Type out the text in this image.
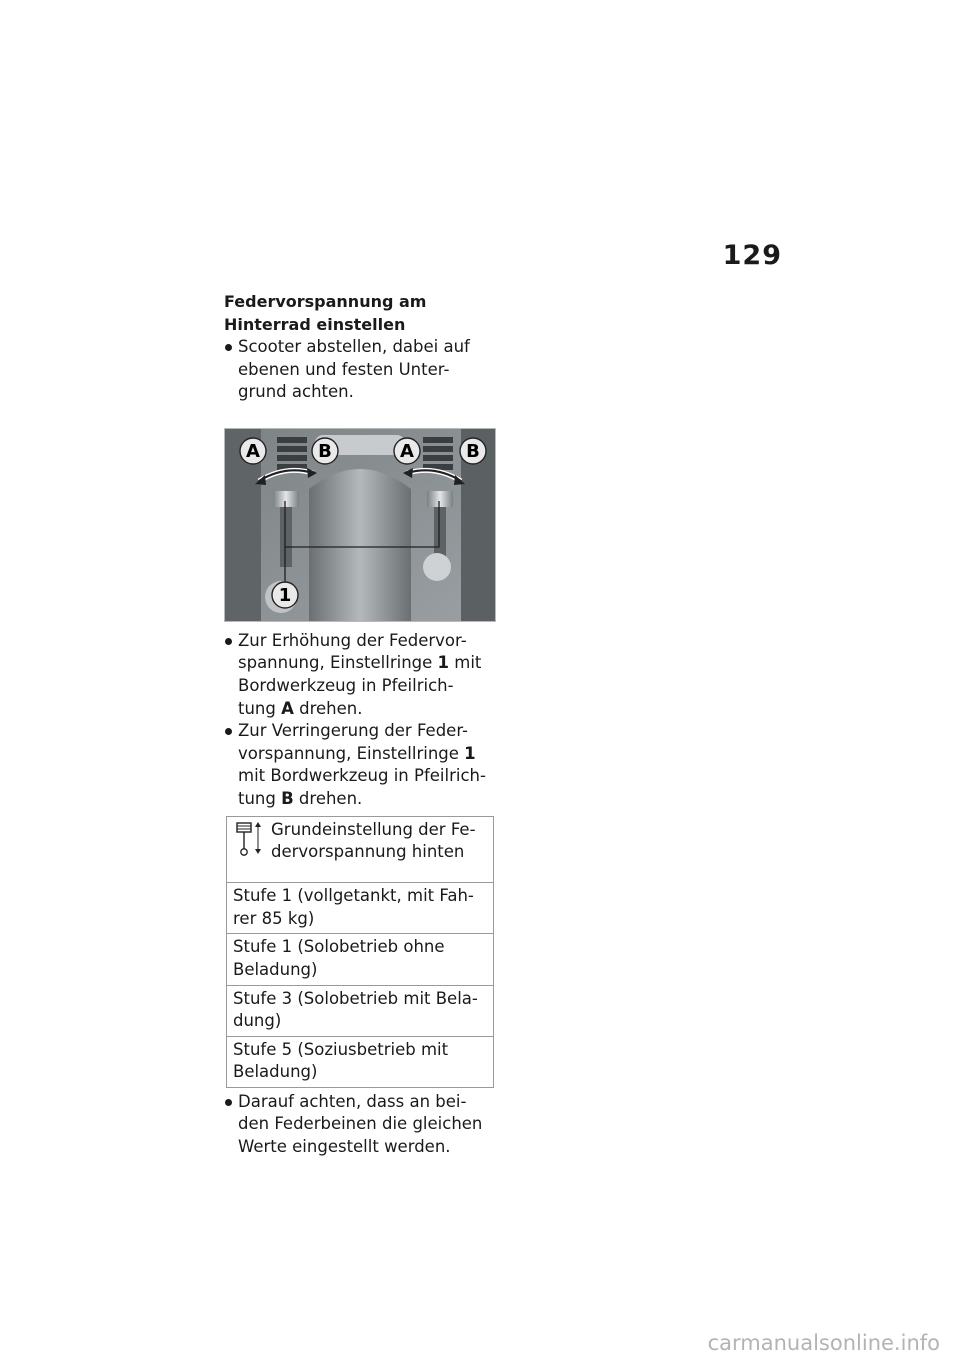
129

Federvorspannung am
Hinterrad einstellen

Scooter abstellen, dabei auf
ebenen und festen Unter-
grund achten.

A	B	A	B
1

Zur Erhöhung der Federvor-
spannung, Einstellringe 1 mit
Bordwerkzeug in Pfeilrich-
tung A drehen.

Zur Verringerung der Feder-
vorspannung, Einstellringe 1
mit Bordwerkzeug in Pfeilrich-
tung B drehen.

Grundeinstellung der Fe-
dervorspannung hinten

Stufe 1 (vollgetankt, mit Fah-
rer 85 kg)
Stufe 1 (Solobetrieb ohne
Beladung)
Stufe 3 (Solobetrieb mit Bela-
dung)
Stufe 5 (Soziusbetrieb mit
Beladung)

Darauf achten, dass an bei-
den Federbeinen die gleichen
Werte eingestellt werden.

carmanualsonline.info
